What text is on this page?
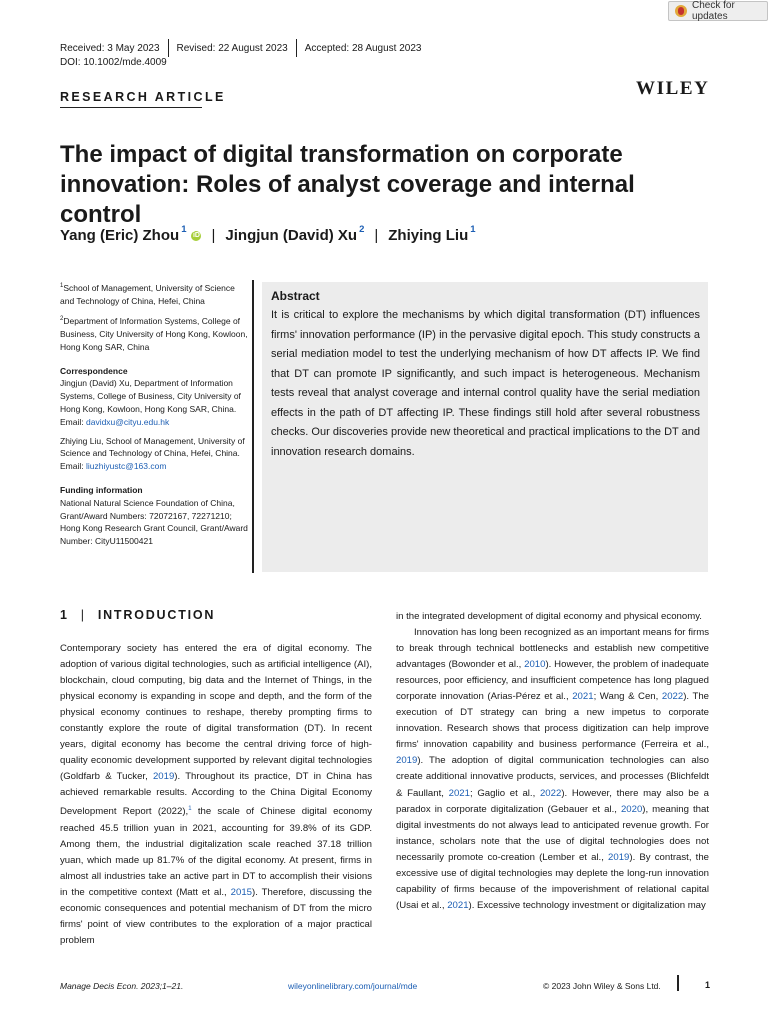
Check for updates
Received: 3 May 2023	Revised: 22 August 2023	Accepted: 28 August 2023
DOI: 10.1002/mde.4009
RESEARCH ARTICLE	WILEY
The impact of digital transformation on corporate innovation: Roles of analyst coverage and internal control
Yang (Eric) Zhou 1
iD | Jingjun (David) Xu 2 | Zhiying Liu 1

$^1$School of Management, University of Science and Technology of China, Hefei, China

$^2$Department of Information Systems, College of Business, City University of Hong Kong, Kowloon, Hong Kong SAR, China

Correspondence

Jingjun (David) Xu, Department of Information Systems, College of Business, City University of Hong Kong, Kowloon, Hong Kong SAR, China.
Email: davidxu@cityu.edu.hk

Zhiying Liu, School of Management, University of Science and Technology of China, Hefei, China.
Email: liuzhiyustc@163.com

Funding information

National Natural Science Foundation of China, Grant/Award Numbers: 72072167, 72271210; Hong Kong Research Grant Council, Grant/Award Number: CityU11500421

Abstract
It is critical to explore the mechanisms by which digital transformation (DT) influences firms' innovation performance (IP) in the pervasive digital epoch. This study constructs a serial mediation model to test the underlying mechanism of how DT affects IP. We find that DT can promote IP significantly, and such impact is heterogeneous. Mechanism tests reveal that analyst coverage and internal control quality have the serial mediation effects in the path of DT affecting IP. These findings still hold after several robustness checks. Our discoveries provide new theoretical and practical implications to the DT and innovation research domains.
1 | INTRODUCTION

Contemporary society has entered the era of digital economy. The adoption of various digital technologies, such as artificial intelligence (AI), blockchain, cloud computing, big data and the Internet of Things, in the physical economy is expanding in scope and depth, and the form of the physical economy continues to reshape, thereby prompting firms to constantly explore the route of digital transformation (DT). In recent years, digital economy has become the central driving force of high-quality economic development supported by relevant digital technologies (Goldfarb & Tucker, 2019). Throughout its practice, DT in China has achieved remarkable results. According to the China Digital Economy Development Report (2022),$^1$ the scale of Chinese digital economy reached 45.5 trillion yuan in 2021, accounting for 39.8% of its GDP. Among them, the industrial digitalization scale reached 37.18 trillion yuan, which made up 81.7% of the digital economy. At present, firms in almost all industries take an active part in DT to accomplish their visions in the competitive context (Matt et al., 2015). Therefore, discussing the economic consequences and potential mechanism of DT from the micro firms' point of view contributes to the exploration of a major practical problem

in the integrated development of digital economy and physical economy.

Innovation has long been recognized as an important means for firms to break through technical bottlenecks and establish new competitive advantages (Bowonder et al., 2010). However, the problem of inadequate resources, poor efficiency, and insufficient competence has long plagued corporate innovation (Arias-Pérez et al., 2021; Wang & Cen, 2022). The execution of DT strategy can bring a new impetus to corporate innovation. Research shows that process digitization can help improve firms' innovation capability and business performance (Ferreira et al., 2019). The adoption of digital communication technologies can also create additional innovative products, services, and processes (Blichfeldt & Faullant, 2021; Gaglio et al., 2022). However, there may also be a paradox in corporate digitalization (Gebauer et al., 2020), meaning that digital investments do not always lead to anticipated revenue growth. For instance, scholars note that the use of digital technologies does not necessarily promote co-creation (Lember et al., 2019). By contrast, the excessive use of digital technologies may deplete the long-run innovation capability of firms because of the impoverishment of relational capital (Usai et al., 2021). Excessive technology investment or digitalization may

Manage Decis Econ. 2023;1–21.	wileyonlinelibrary.com/journal/mde	© 2023 John Wiley & Sons Ltd.	1
